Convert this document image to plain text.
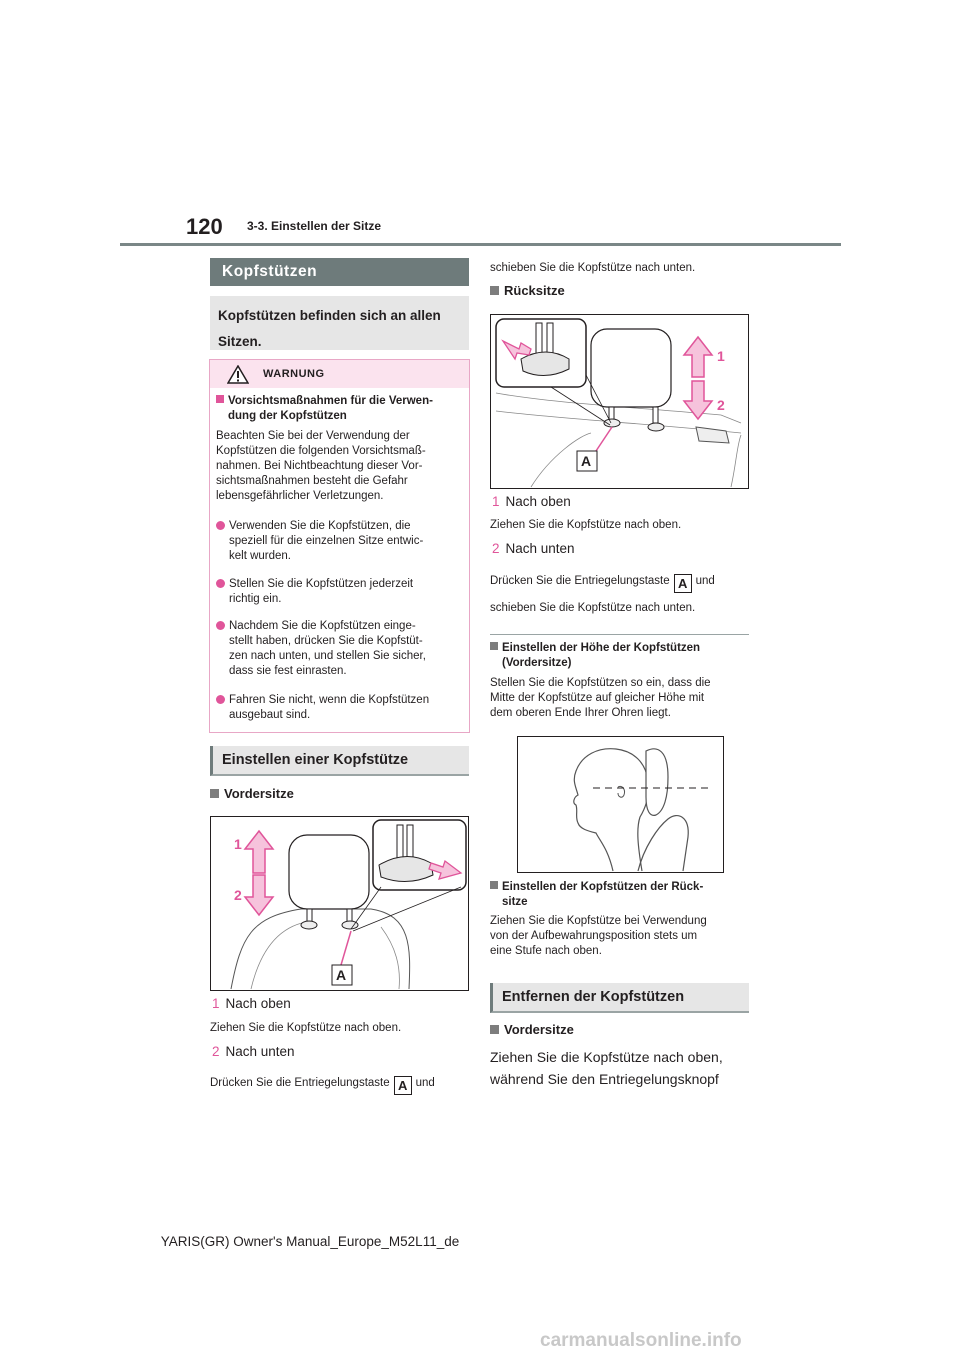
120 3-3. Einstellen der Sitze
Kopfstützen
Kopfstützen befinden sich an allen Sitzen.
WARNUNG
Vorsichtsmaßnahmen für die Verwen-
dung der Kopfstützen
Beachten Sie bei der Verwendung der
Kopfstützen die folgenden Vorsichtsmaß-
nahmen. Bei Nichtbeachtung dieser Vor-
sichtsmaßnahmen besteht die Gefahr
lebensgefährlicher Verletzungen.
Verwenden Sie die Kopfstützen, die
speziell für die einzelnen Sitze entwic-
kelt wurden.
Stellen Sie die Kopfstützen jederzeit
richtig ein.
Nachdem Sie die Kopfstützen einge-
stellt haben, drücken Sie die Kopfstüt-
zen nach unten, und stellen Sie sicher,
dass sie fest einrasten.
Fahren Sie nicht, wenn die Kopfstützen
ausgebaut sind.
Einstellen einer Kopfstütze
Vordersitze
1
2
A
1 Nach oben
Ziehen Sie die Kopfstütze nach oben.
2 Nach unten
Drücken Sie die Entriegelungstaste A und
schieben Sie die Kopfstütze nach unten.
Rücksitze
1
2
A
1 Nach oben
Ziehen Sie die Kopfstütze nach oben.
2 Nach unten
Drücken Sie die Entriegelungstaste A und
schieben Sie die Kopfstütze nach unten.
Einstellen der Höhe der Kopfstützen
(Vordersitze)
Stellen Sie die Kopfstützen so ein, dass die
Mitte der Kopfstütze auf gleicher Höhe mit
dem oberen Ende Ihrer Ohren liegt.
Einstellen der Kopfstützen der Rück-
sitze
Ziehen Sie die Kopfstütze bei Verwendung
von der Aufbewahrungsposition stets um
eine Stufe nach oben.
Entfernen der Kopfstützen
Vordersitze
Ziehen Sie die Kopfstütze nach oben,
während Sie den Entriegelungsknopf
YARIS(GR) Owner's Manual_Europe_M52L11_de
carmanualsonline.info
